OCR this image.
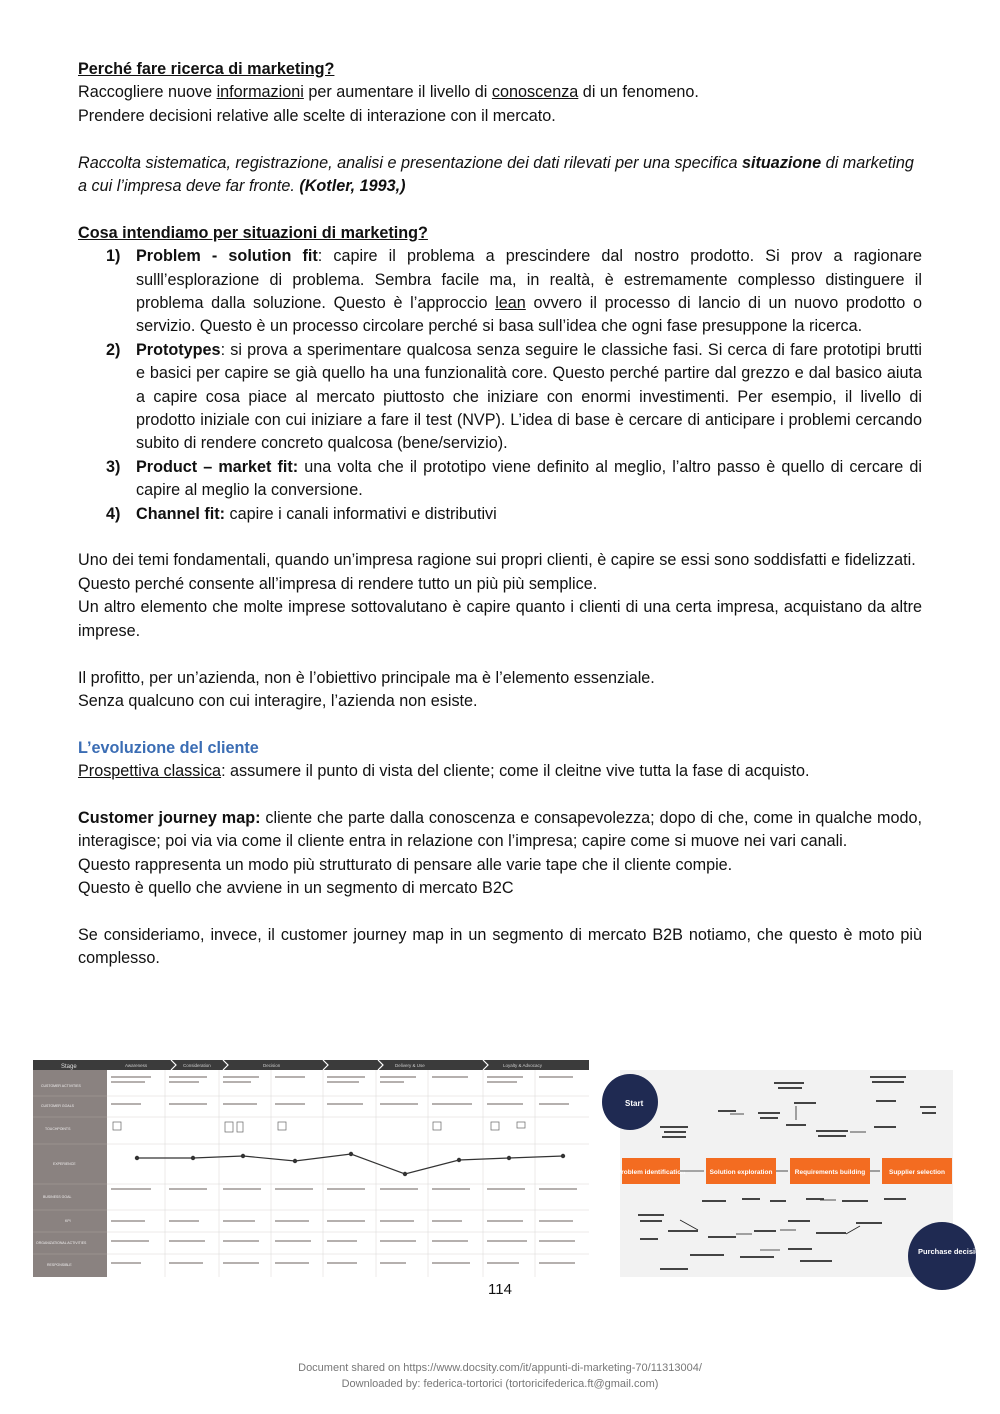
Perché fare ricerca di marketing?

Raccogliere nuove informazioni per aumentare il livello di conoscenza di un fenomeno.

Prendere decisioni relative alle scelte di interazione con il mercato.

Raccolta sistematica, registrazione, analisi e presentazione dei dati rilevati per una specifica situazione di marketing a cui l’impresa deve far fronte. (Kotler, 1993,)

Cosa intendiamo per situazioni di marketing?

Problem - solution fit: capire il problema a prescindere dal nostro prodotto. Si prov a ragionare sulll’esplorazione di problema. Sembra facile ma, in realtà, è estremamente complesso distinguere il problema dalla soluzione. Questo è l’approccio lean ovvero il processo di lancio di un nuovo prodotto o servizio. Questo è un processo circolare perché si basa sull’idea che ogni fase presuppone la ricerca.
Prototypes: si prova a sperimentare qualcosa senza seguire le classiche fasi. Si cerca di fare prototipi brutti e basici per capire se già quello ha una funzionalità core. Questo perché partire dal grezzo e dal basico aiuta a capire cosa piace al mercato piuttosto che iniziare con enormi investimenti. Per esempio, il livello di prodotto iniziale con cui iniziare a fare il test (NVP). L’idea di base è cercare di anticipare i problemi cercando subito di rendere concreto qualcosa (bene/servizio).
Product – market fit: una volta che il prototipo viene definito al meglio, l’altro passo è quello di cercare di capire al meglio la conversione.
Channel fit: capire i canali informativi e distributivi

Uno dei temi fondamentali, quando un’impresa ragione sui propri clienti, è capire se essi sono soddisfatti e fidelizzati.

Questo perché consente all’impresa di rendere tutto un più più semplice.

Un altro elemento che molte imprese sottovalutano è capire quanto i clienti di una certa impresa, acquistano da altre imprese.

Il profitto, per un’azienda, non è l’obiettivo principale ma è l’elemento essenziale.

Senza qualcuno con cui interagire, l’azienda non esiste.

L’evoluzione del cliente

Prospettiva classica: assumere il punto di vista del cliente; come il cleitne vive tutta la fase di acquisto.

Customer journey map: cliente che parte dalla conoscenza e consapevolezza; dopo di che, come in qualche modo, interagisce; poi via via come il cliente entra in relazione con l’impresa; capire come si muove nei vari canali.

Questo rappresenta un modo più strutturato di pensare alle varie tape che il cliente compie.

Questo è quello che avviene in un segmento di mercato B2C

Se consideriamo, invece, il customer journey map in un segmento di mercato B2B notiamo, che questo è moto più complesso.

Stage	Awareness	Consideration	Decision	Delivery & Use	Loyalty & Advocacy
CUSTOMER ACTIVITIES
CUSTOMER GOALS
TOUCHPOINTS
EXPERIENCE
BUSINESS GOAL
KPI
ORGANIZATIONAL ACTIVITIES
RESPONSIBLE
Start
Problem identification	Solution exploration	Requirements building	Supplier selection
Purchase decision
114
Document shared on https://www.docsity.com/it/appunti-di-marketing-70/11313004/
Downloaded by: federica-tortorici (tortoricifederica.ft@gmail.com)
